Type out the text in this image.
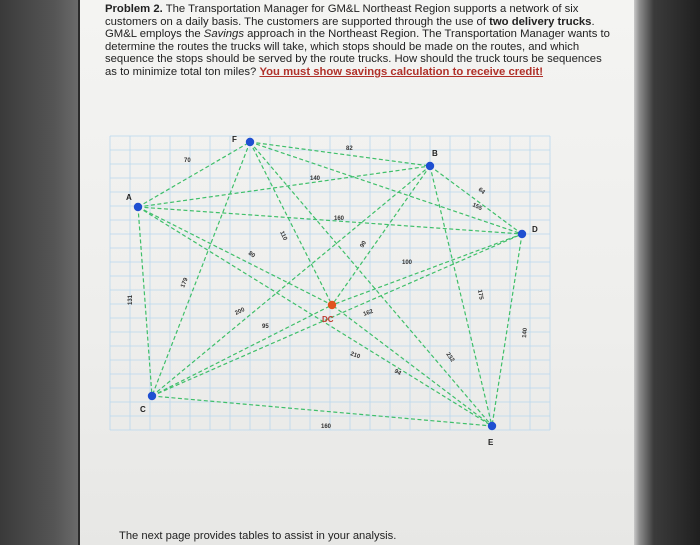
Problem 2. The Transportation Manager for GM&L Northeast Region supports a network of six customers on a daily basis. The customers are supported through the use of two delivery trucks. GM&L employs the Savings approach in the Northeast Region. The Transportation Manager wants to determine the routes the trucks will take, which stops should be made on the routes, and which sequence the stops should be served by the route trucks. How should the truck tours be sequences as to minimize total ton miles? You must show savings calculation to receive credit!
70
82
140
160
64
155
110
90
100
179
80
200	162
131
95
210
94
232
175
140
160
F
B
A
D
C
E
DC
The next page provides tables to assist in your analysis.
